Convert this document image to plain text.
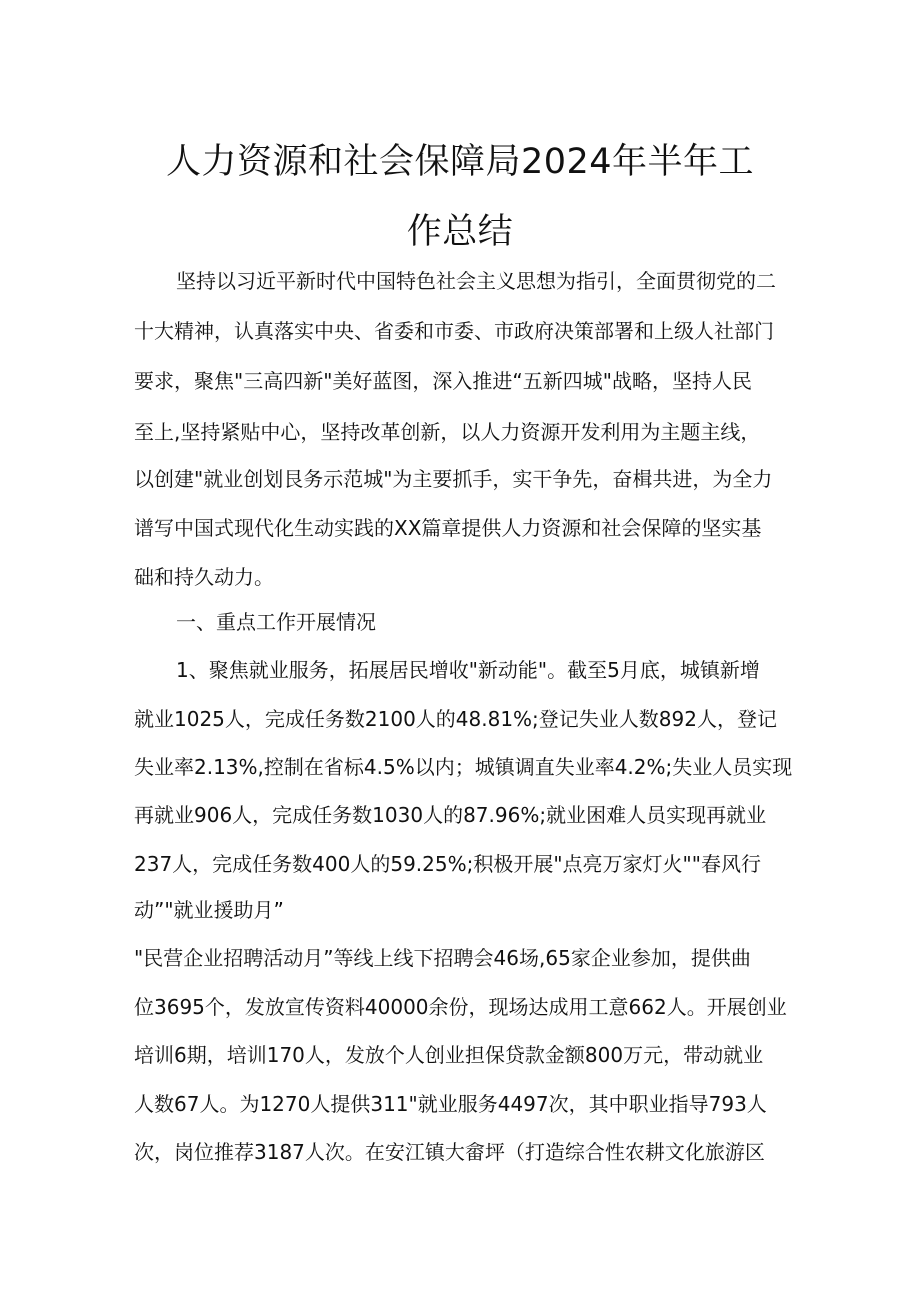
人力资源和社会保障局2024年半年工
作总结
坚持以习近平新时代中国特色社会主义思想为指引，全面贯彻党的二
十大精神，认真落实中央、省委和市委、市政府决策部署和上级人社部门
要求，聚焦"三高四新"美好蓝图，深入推进“五新四城"战略，坚持人民
至上,坚持紧贴中心，坚持改革创新，以人力资源开发利用为主题主线，
以创建"就业创划艮务示范城"为主要抓手，实干争先，奋楫共进，为全力
谱写中国式现代化生动实践的XX篇章提供人力资源和社会保障的坚实基
础和持久动力。
一、重点工作开展情况
1、聚焦就业服务，拓展居民增收"新动能"。截至5月底，城镇新增
就业1025人，完成任务数2100人的48.81%;登记失业人数892人，登记
失业率2.13%,控制在省标4.5%以内；城镇调直失业率4.2%;失业人员实现
再就业906人，完成任务数1030人的87.96%;就业困难人员实现再就业
237人，完成任务数400人的59.25%;积极开展"点亮万家灯火""春风行
动”"就业援助月”
"民营企业招聘活动月”等线上线下招聘会46场,65家企业参加，提供曲
位3695个，发放宣传资料40000余份，现场达成用工意662人。开展创业
培训6期，培训170人，发放个人创业担保贷款金额800万元，带动就业
人数67人。为1270人提供311"就业服务4497次，其中职业指导793人
次，岗位推荐3187人次。在安江镇大畲坪（打造综合性农耕文化旅游区
